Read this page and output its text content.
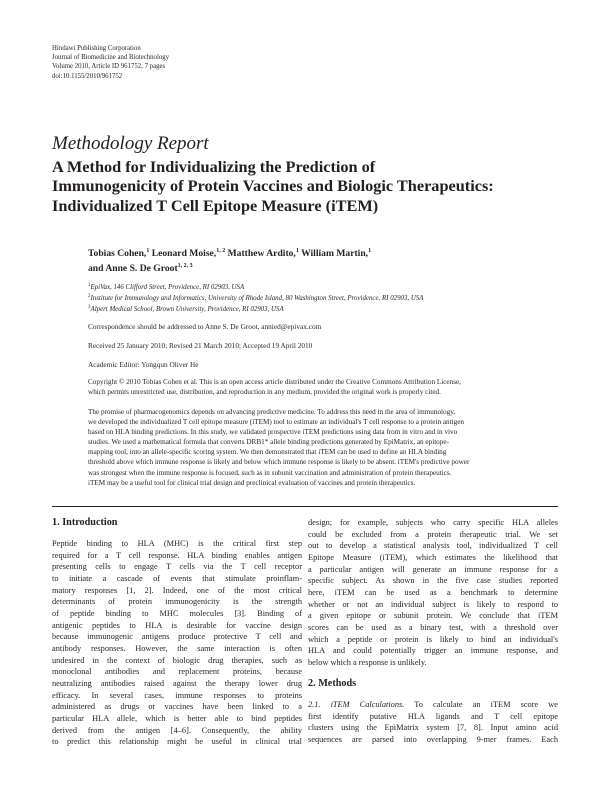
Hindawi Publishing Corporation
Journal of Biomedicine and Biotechnology
Volume 2010, Article ID 961752, 7 pages
doi:10.1155/2010/961752
Methodology Report
A Method for Individualizing the Prediction of
Immunogenicity of Protein Vaccines and Biologic Therapeutics:
Individualized T Cell Epitope Measure (iTEM)
Tobias Cohen,$^1$ Leonard Moise,$^{1, 2}$ Matthew Ardito,$^1$ William Martin,$^1$
and Anne S. De Groot$^{1, 2, 3}$
$^1$EpiVax, 146 Clifford Street, Providence, RI 02903, USA
$^2$Institute for Immunology and Informatics, University of Rhode Island, 80 Washington Street, Providence, RI 02903, USA
$^3$Alpert Medical School, Brown University, Providence, RI 02903, USA
Correspondence should be addressed to Anne S. De Groot, annied@epivax.com
Received 25 January 2010; Revised 21 March 2010; Accepted 19 April 2010
Academic Editor: Yongqun Oliver He
Copyright © 2010 Tobias Cohen et al. This is an open access article distributed under the Creative Commons Attribution License,
which permits unrestricted use, distribution, and reproduction in any medium, provided the original work is properly cited.
The promise of pharmacogenomics depends on advancing predictive medicine. To address this need in the area of immunology,
we developed the individualized T cell epitope measure (iTEM) tool to estimate an individual's T cell response to a protein antigen
based on HLA binding predictions. In this study, we validated prospective iTEM predictions using data from in vitro and in vivo
studies. We used a mathematical formula that converts DRB1* allele binding predictions generated by EpiMatrix, an epitope-
mapping tool, into an allele-specific scoring system. We then demonstrated that iTEM can be used to define an HLA binding
threshold above which immune response is likely and below which immune response is likely to be absent. iTEM's predictive power
was strongest when the immune response is focused, such as in subunit vaccination and administration of protein therapeutics.
iTEM may be a useful tool for clinical trial design and preclinical evaluation of vaccines and protein therapeutics.
1. Introduction
Peptide binding to HLA (MHC) is the critical first step
required for a T cell response. HLA binding enables antigen
presenting cells to engage T cells via the T cell receptor
to initiate a cascade of events that stimulate proinflam-
matory responses [1, 2]. Indeed, one of the most critical
determinants of protein immunogenicity is the strength
of peptide binding to MHC molecules [3]. Binding of
antigenic peptides to HLA is desirable for vaccine design
because immunogenic antigens produce protective T cell and
antibody responses. However, the same interaction is often
undesired in the context of biologic drug therapies, such as
monoclonal antibodies and replacement proteins, because
neutralizing antibodies raised against the therapy lower drug
efficacy. In several cases, immune responses to proteins
administered as drugs or vaccines have been linked to a
particular HLA allele, which is better able to bind peptides
derived from the antigen [4–6]. Consequently, the ability
to predict this relationship might be useful in clinical trial
design; for example, subjects who carry specific HLA alleles
could be excluded from a protein therapeutic trial. We set
out to develop a statistical analysis tool, individualized T cell
Epitope Measure (iTEM), which estimates the likelihood that
a particular antigen will generate an immune response for a
specific subject. As shown in the five case studies reported
here, iTEM can be used as a benchmark to determine
whether or not an individual subject is likely to respond to
a given epitope or subunit protein. We conclude that iTEM
scores can be used as a binary test, with a threshold over
which a peptide or protein is likely to bind an individual's
HLA and could potentially trigger an immune response, and
below which a response is unlikely.
2. Methods
2.1. iTEM Calculations. To calculate an iTEM score we
first identify putative HLA ligands and T cell epitope
clusters using the EpiMatrix system [7, 8]. Input amino acid
sequences are parsed into overlapping 9-mer frames. Each
